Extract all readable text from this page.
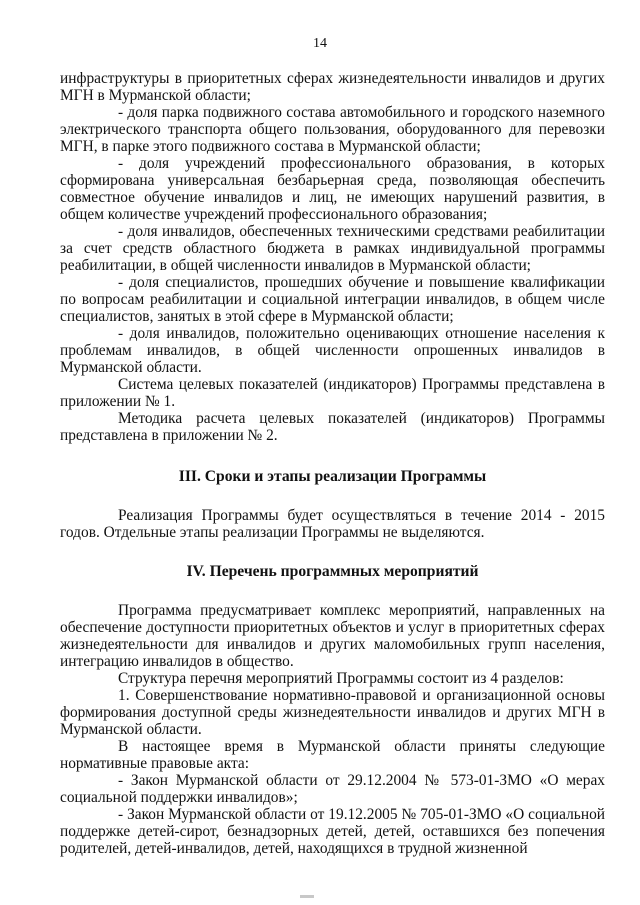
14

инфраструктуры в приоритетных сферах жизнедеятельности инвалидов и других МГН в Мурманской области;

- доля парка подвижного состава автомобильного и городского наземного электрического транспорта общего пользования, оборудованного для перевозки МГН, в парке этого подвижного состава в Мурманской области;

- доля учреждений профессионального образования, в которых сформирована универсальная безбарьерная среда, позволяющая обеспечить совместное обучение инвалидов и лиц, не имеющих нарушений развития, в общем количестве учреждений профессионального образования;

- доля инвалидов, обеспеченных техническими средствами реабилитации за счет средств областного бюджета в рамках индивидуальной программы реабилитации, в общей численности инвалидов в Мурманской области;

- доля специалистов, прошедших обучение и повышение квалификации по вопросам реабилитации и социальной интеграции инвалидов, в общем числе специалистов, занятых в этой сфере в Мурманской области;

- доля инвалидов, положительно оценивающих отношение населения к проблемам инвалидов, в общей численности опрошенных инвалидов в Мурманской области.

Система целевых показателей (индикаторов) Программы представлена в приложении № 1.

Методика расчета целевых показателей (индикаторов) Программы представлена в приложении № 2.

III. Сроки и этапы реализации Программы

Реализация Программы будет осуществляться в течение 2014 - 2015 годов. Отдельные этапы реализации Программы не выделяются.

IV. Перечень программных мероприятий

Программа предусматривает комплекс мероприятий, направленных на обеспечение доступности приоритетных объектов и услуг в приоритетных сферах жизнедеятельности для инвалидов и других маломобильных групп населения, интеграцию инвалидов в общество.

Структура перечня мероприятий Программы состоит из 4 разделов:

1. Совершенствование нормативно-правовой и организационной основы формирования доступной среды жизнедеятельности инвалидов и других МГН в Мурманской области.

В настоящее время в Мурманской области приняты следующие нормативные правовые акта:

- Закон Мурманской области от 29.12.2004 № 573-01-ЗМО «О мерах социальной поддержки инвалидов»;

- Закон Мурманской области от 19.12.2005 № 705-01-ЗМО «О социальной поддержке детей-сирот, безнадзорных детей, детей, оставшихся без попечения родителей, детей-инвалидов, детей, находящихся в трудной жизненной
